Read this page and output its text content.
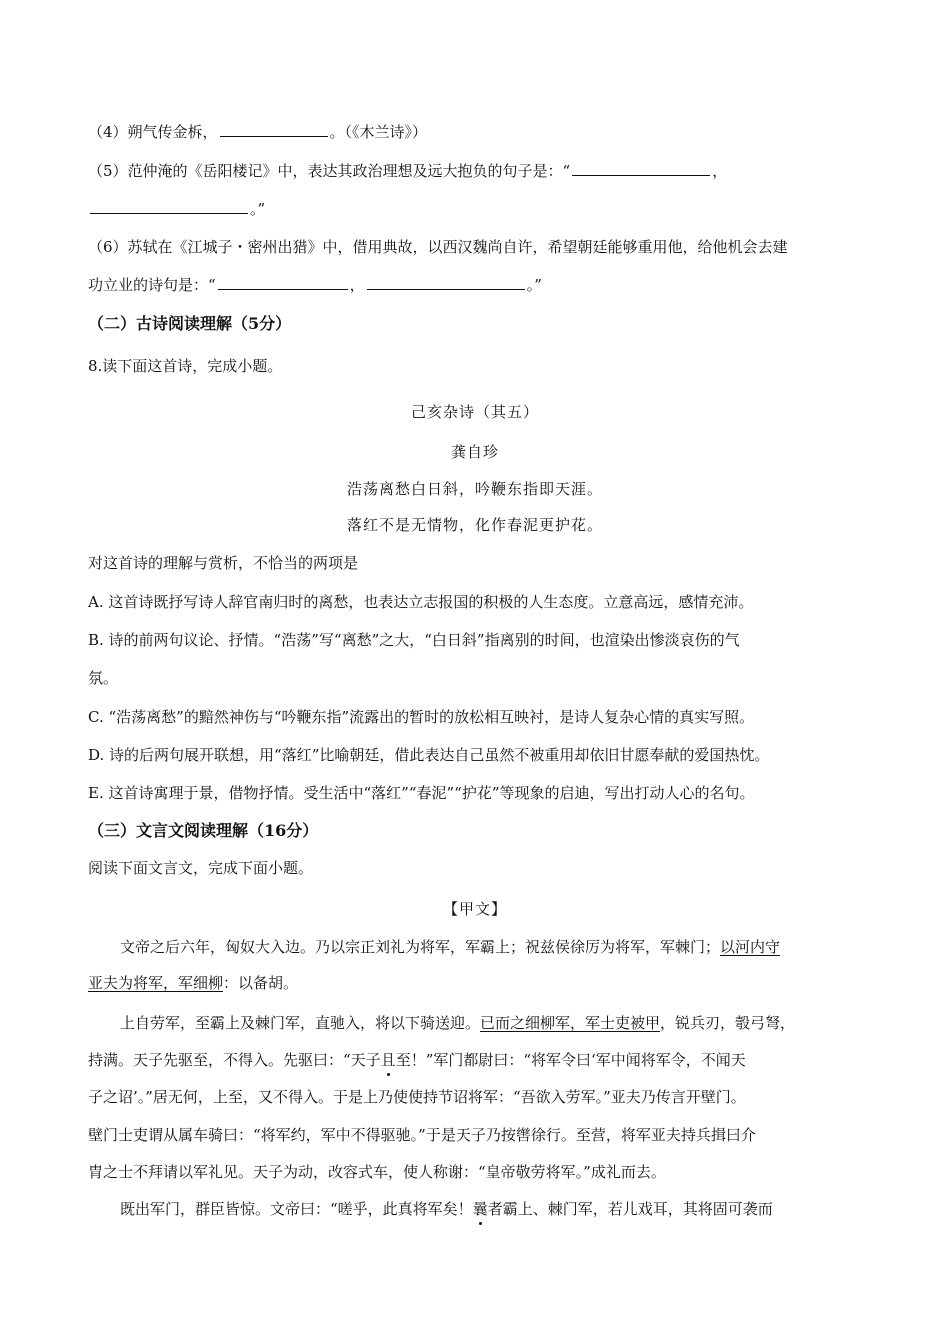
（4）朔气传金柝，	。（《木兰诗》）
（5）范仲淹的《岳阳楼记》中，表达其政治理想及远大抱负的句子是：“	，
。”
（6）苏轼在《江城子・密州出猎》中，借用典故，以西汉魏尚自许，希望朝廷能够重用他，给他机会去建
功立业的诗句是：“	，	。”
（二）古诗阅读理解（5分）
8.读下面这首诗，完成小题。
己亥杂诗（其五）
龚自珍
浩荡离愁白日斜，吟鞭东指即天涯。
落红不是无情物，化作春泥更护花。
对这首诗的理解与赏析，不恰当的两项是
A. 这首诗既抒写诗人辞官南归时的离愁，也表达立志报国的积极的人生态度。立意高远，感情充沛。
B. 诗的前两句议论、抒情。“浩荡”写“离愁”之大，“白日斜”指离别的时间，也渲染出惨淡哀伤的气
氛。
C. “浩荡离愁”的黯然神伤与“吟鞭东指”流露出的暂时的放松相互映衬，是诗人复杂心情的真实写照。
D. 诗的后两句展开联想，用“落红”比喻朝廷，借此表达自己虽然不被重用却依旧甘愿奉献的爱国热忱。
E. 这首诗寓理于景，借物抒情。受生活中“落红”“春泥”“护花”等现象的启迪，写出打动人心的名句。
（三）文言文阅读理解（16分）
阅读下面文言文，完成下面小题。
【甲文】
文帝之后六年，匈奴大入边。乃以宗正刘礼为将军，军霸上；祝兹侯徐厉为将军，军棘门；以河内守
亚夫为将军，军细柳：以备胡。
上自劳军，至霸上及棘门军，直驰入，将以下骑送迎。已而之细柳军，军士吏被甲，锐兵刃，彀弓弩，
持满。天子先驱至，不得入。先驱曰：“天子且至！”军门都尉曰：“将军令曰‘军中闻将军令，不闻天
子之诏’。”居无何，上至，又不得入。于是上乃使使持节诏将军：“吾欲入劳军。”亚夫乃传言开壁门。
壁门士吏谓从属车骑曰：“将军约，军中不得驱驰。”于是天子乃按辔徐行。至营，将军亚夫持兵揖曰介
胄之士不拜请以军礼见。天子为动，改容式车，使人称谢：“皇帝敬劳将军。”成礼而去。
既出军门，群臣皆惊。文帝曰：“嗟乎，此真将军矣！曩者霸上、棘门军，若儿戏耳，其将固可袭而
